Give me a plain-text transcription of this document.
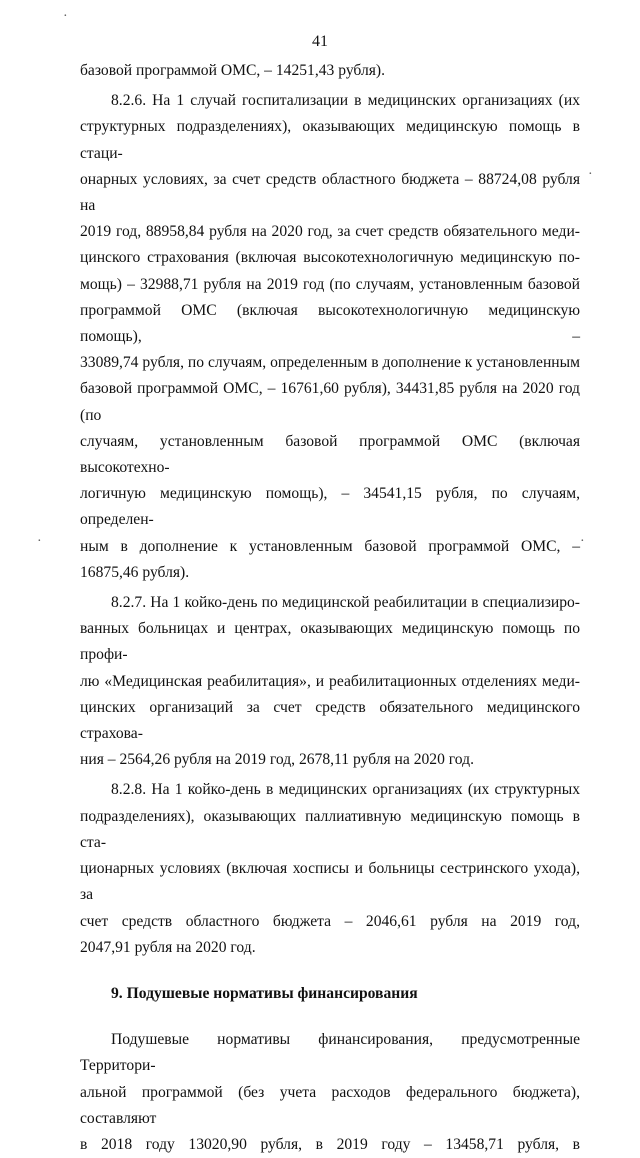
41
·
·
·
·
базовой программой ОМС, – 14251,43 рубля).
8.2.6. На 1 случай госпитализации в медицинских организациях (их
структурных подразделениях), оказывающих медицинскую помощь в стаци-
онарных условиях, за счет средств областного бюджета – 88724,08 рубля на
2019 год, 88958,84 рубля на 2020 год, за счет средств обязательного меди-
цинского страхования (включая высокотехнологичную медицинскую по-
мощь) – 32988,71 рубля на 2019 год (по случаям, установленным базовой
программой ОМС (включая высокотехнологичную медицинскую помощь), –
33089,74 рубля, по случаям, определенным в дополнение к установленным
базовой программой ОМС, – 16761,60 рубля), 34431,85 рубля на 2020 год (по
случаям, установленным базовой программой ОМС (включая высокотехно-
логичную медицинскую помощь), – 34541,15 рубля, по случаям, определен-
ным в дополнение к установленным базовой программой ОМС, –
16875,46 рубля).
8.2.7. На 1 койко-день по медицинской реабилитации в специализиро-
ванных больницах и центрах, оказывающих медицинскую помощь по профи-
лю «Медицинская реабилитация», и реабилитационных отделениях меди-
цинских организаций за счет средств обязательного медицинского страхова-
ния – 2564,26 рубля на 2019 год, 2678,11 рубля на 2020 год.
8.2.8. На 1 койко-день в медицинских организациях (их структурных
подразделениях), оказывающих паллиативную медицинскую помощь в ста-
ционарных условиях (включая хосписы и больницы сестринского ухода), за
счет средств областного бюджета – 2046,61 рубля на 2019 год,
2047,91 рубля на 2020 год.
9. Подушевые нормативы финансирования
Подушевые нормативы финансирования, предусмотренные Территори-
альной программой (без учета расходов федерального бюджета), составляют
в 2018 году 13020,90 рубля, в 2019 году – 13458,71 рубля, в
